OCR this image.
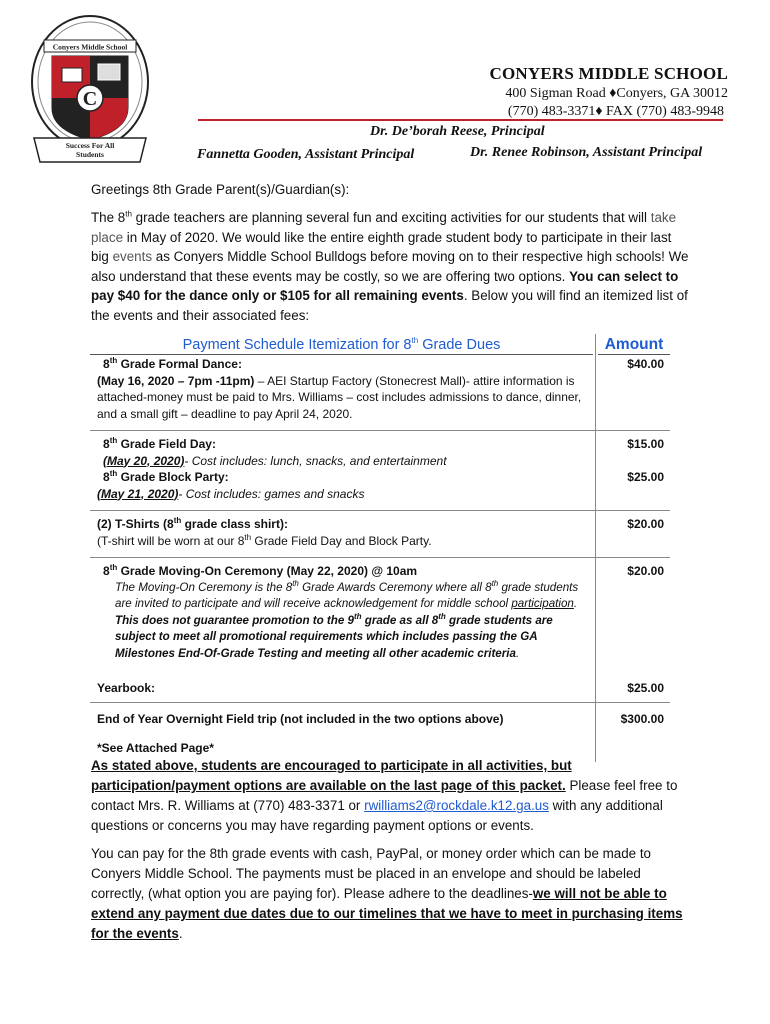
Conyers Middle School
C
Success For All
Students
CONYERS MIDDLE SCHOOL
400 Sigman Road ♦Conyers, GA 30012
(770) 483-3371♦ FAX (770) 483-9948
Dr. De’borah Reese, Principal
Fannetta Gooden, Assistant Principal	Dr. Renee Robinson, Assistant Principal
Greetings 8th Grade Parent(s)/Guardian(s):
The 8th grade teachers are planning several fun and exciting activities for our students that will take place in May of 2020. We would like the entire eighth grade student body to participate in their last big events as Conyers Middle School Bulldogs before moving on to their respective high schools! We also understand that these events may be costly, so we are offering two options. You can select to pay $40 for the dance only or $105 for all remaining events. Below you will find an itemized list of the events and their associated fees:
Payment Schedule Itemization for 8th Grade Dues	Amount
8th Grade Formal Dance:
(May 16, 2020 – 7pm -11pm) – AEI Startup Factory (Stonecrest Mall)- attire information is attached-money must be paid to Mrs. Williams – cost includes admissions to dance, dinner, and a small gift – deadline to pay April 24, 2020.
$40.00
8th Grade Field Day:
(May 20, 2020)- Cost includes: lunch, snacks, and entertainment
$15.00
8th Grade Block Party:
(May 21, 2020)- Cost includes: games and snacks
$25.00
(2) T-Shirts (8th grade class shirt):
(T-shirt will be worn at our 8th Grade Field Day and Block Party.
$20.00
8th Grade Moving-On Ceremony (May 22, 2020) @ 10am
The Moving-On Ceremony is the 8th Grade Awards Ceremony where all 8th grade students are invited to participate and will receive acknowledgement for middle school participation. This does not guarantee promotion to the 9th grade as all 8th grade students are subject to meet all promotional requirements which includes passing the GA Milestones End-Of-Grade Testing and meeting all other academic criteria.
$20.00
Yearbook:	$25.00
End of Year Overnight Field trip (not included in the two options above)	$300.00
*See Attached Page*
As stated above, students are encouraged to participate in all activities, but participation/payment options are available on the last page of this packet. Please feel free to contact Mrs. R. Williams at (770) 483-3371 or rwilliams2@rockdale.k12.ga.us with any additional questions or concerns you may have regarding payment options or events.
You can pay for the 8th grade events with cash, PayPal, or money order which can be made to Conyers Middle School. The payments must be placed in an envelope and should be labeled correctly, (what option you are paying for). Please adhere to the deadlines-we will not be able to extend any payment due dates due to our timelines that we have to meet in purchasing items for the events.
